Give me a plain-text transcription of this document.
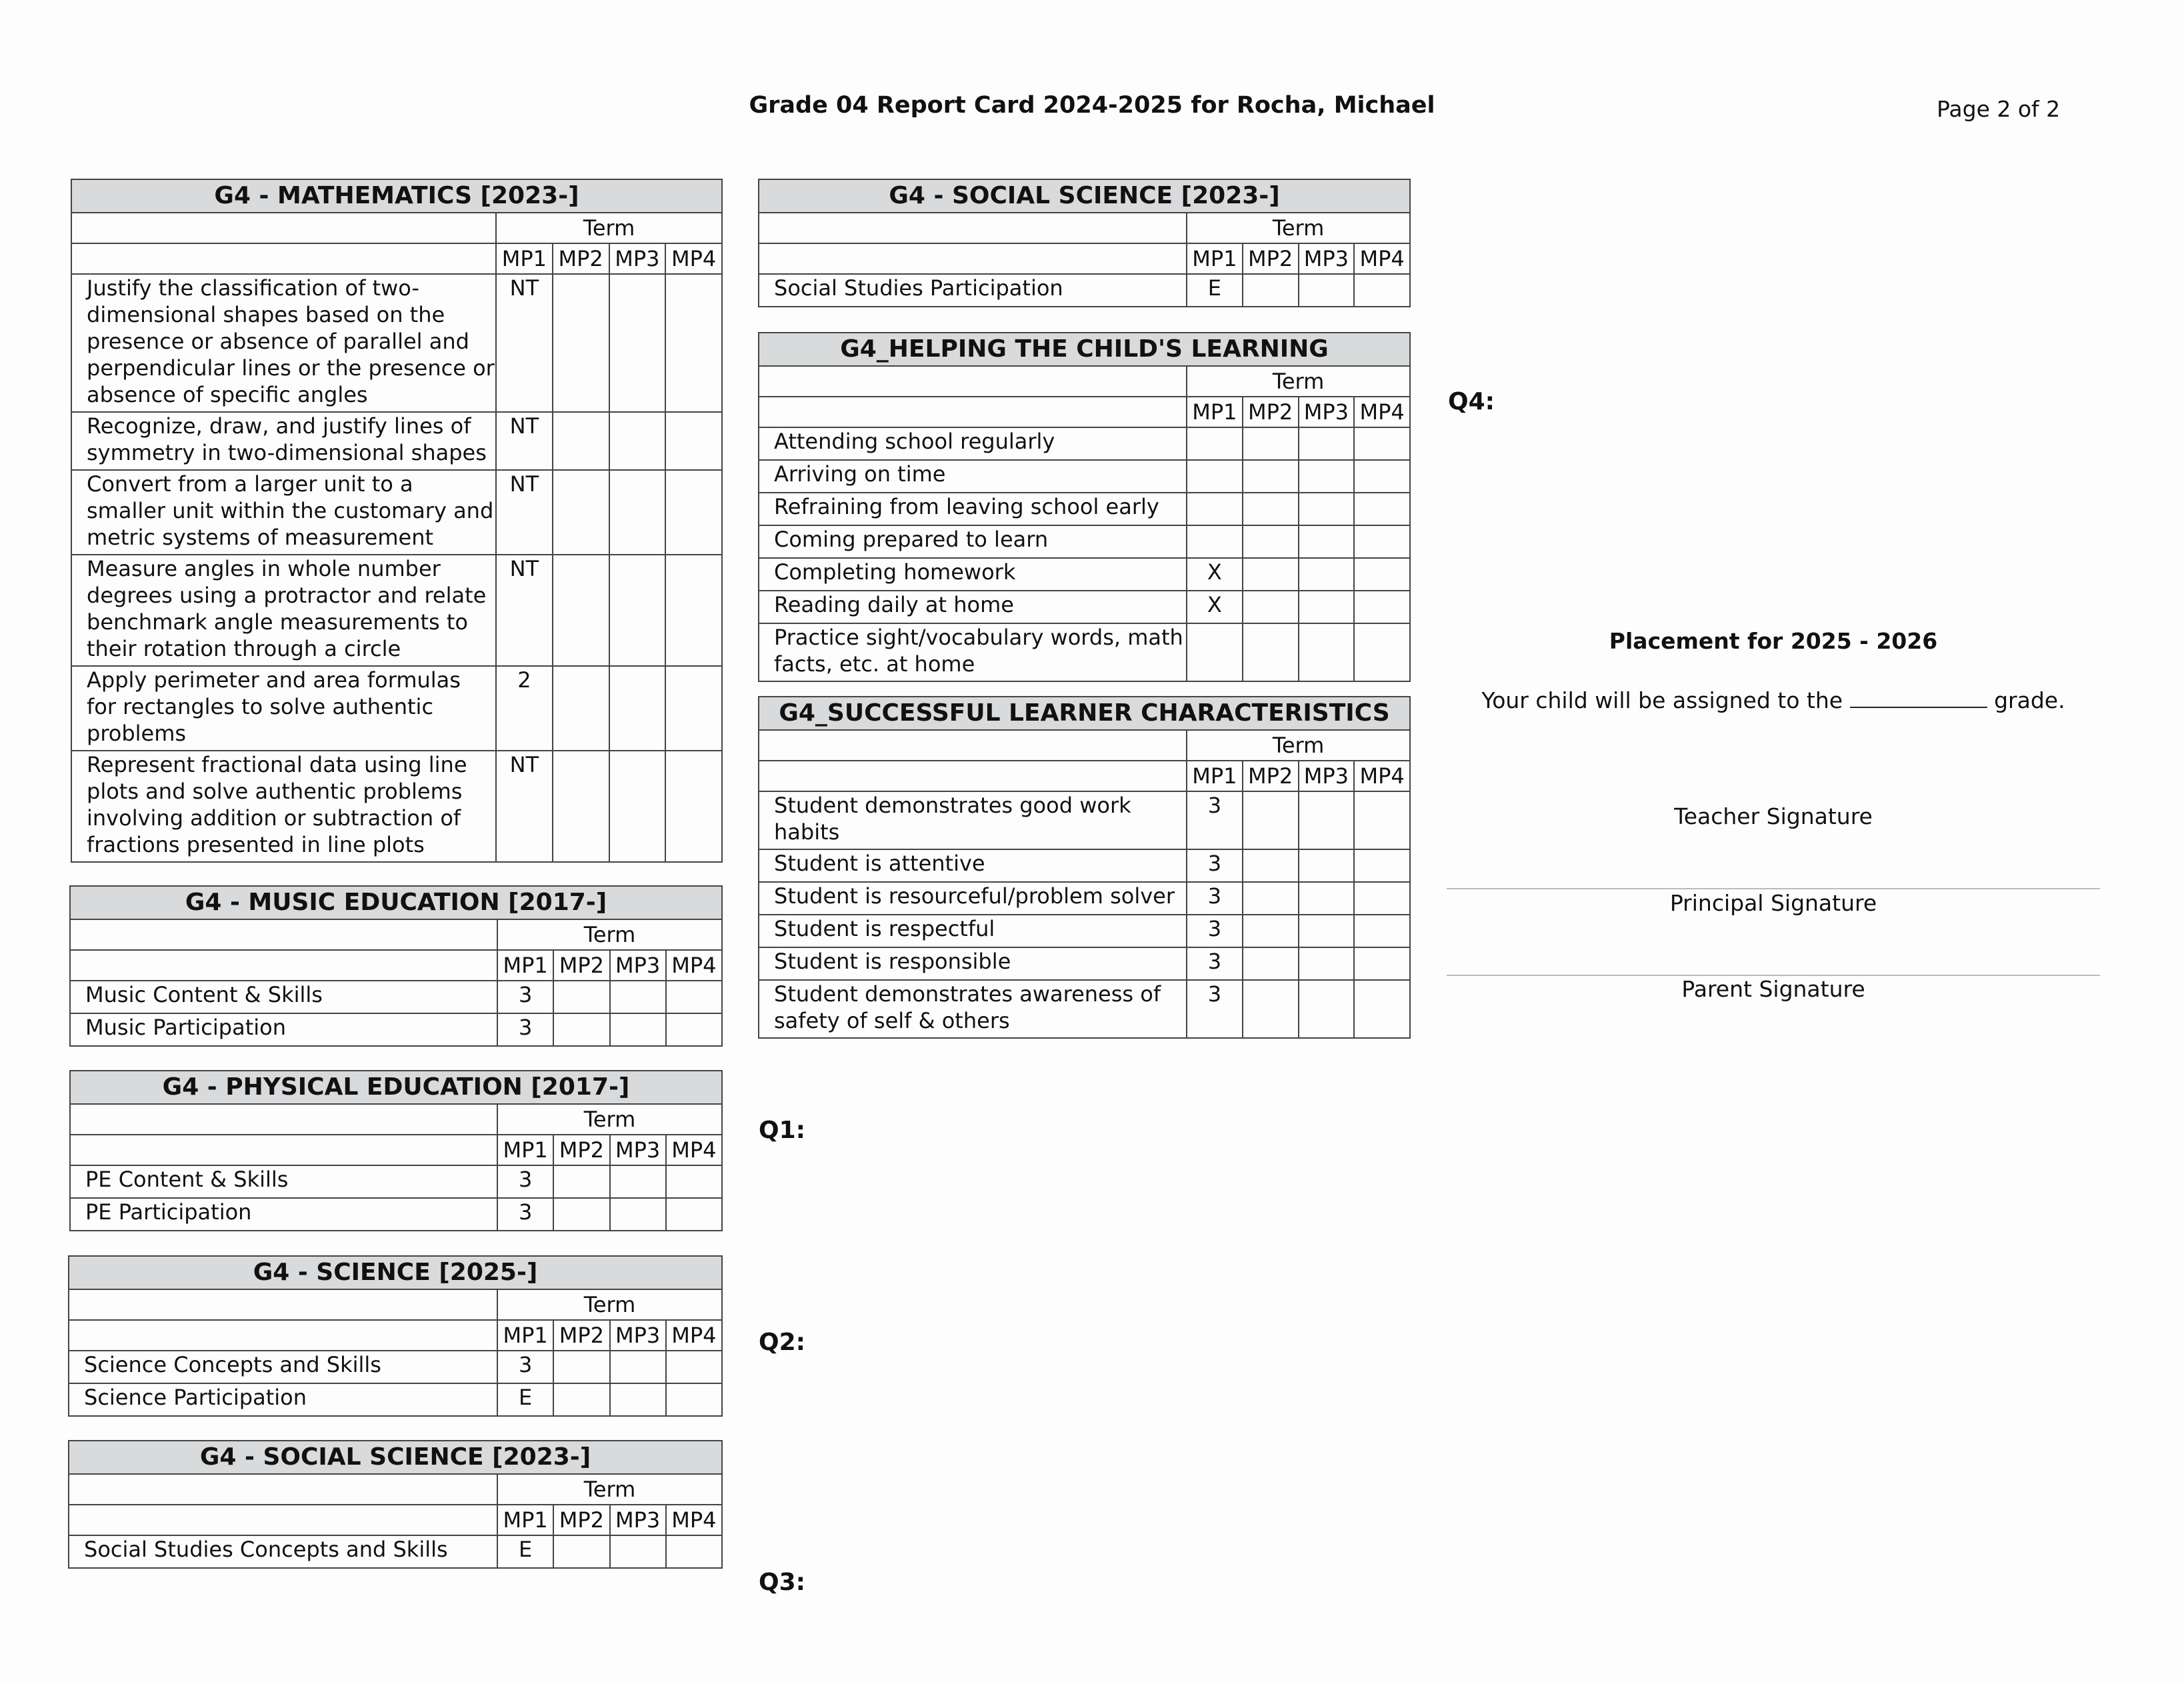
Grade 04 Report Card 2024-2025 for Rocha, Michael	Page 2 of 2
G4 - MATHEMATICS [2023-]				
	Term			
	MP1	MP2	MP3	MP4
Justify the classification of two-dimensional shapes based on the presence or absence of parallel and perpendicular lines or the presence or absence of specific angles	NT			
Recognize, draw, and justify lines of symmetry in two-dimensional shapes	NT			
Convert from a larger unit to a smaller unit within the customary and metric systems of measurement	NT			
Measure angles in whole number degrees using a protractor and relate benchmark angle measurements to their rotation through a circle	NT			
Apply perimeter and area formulas for rectangles to solve authentic problems	2			
Represent fractional data using line plots and solve authentic problems involving addition or subtraction of fractions presented in line plots	NT			
G4 - MUSIC EDUCATION [2017-]				
	Term			
	MP1	MP2	MP3	MP4
Music Content & Skills	3			
Music Participation	3			
G4 - PHYSICAL EDUCATION [2017-]				
	Term			
	MP1	MP2	MP3	MP4
PE Content & Skills	3			
PE Participation	3			
G4 - SCIENCE [2025-]				
	Term			
	MP1	MP2	MP3	MP4
Science Concepts and Skills	3			
Science Participation	E			
G4 - SOCIAL SCIENCE [2023-]				
	Term			
	MP1	MP2	MP3	MP4
Social Studies Concepts and Skills	E			
G4 - SOCIAL SCIENCE [2023-]				
	Term			
	MP1	MP2	MP3	MP4
Social Studies Participation	E			
G4_HELPING THE CHILD'S LEARNING				
	Term			
	MP1	MP2	MP3	MP4
Attending school regularly				
Arriving on time				
Refraining from leaving school early				
Coming prepared to learn				
Completing homework	X			
Reading daily at home	X			
Practice sight/vocabulary words, math facts, etc. at home				
G4_SUCCESSFUL LEARNER CHARACTERISTICS				
	Term			
	MP1	MP2	MP3	MP4
Student demonstrates good work habits	3			
Student is attentive	3			
Student is resourceful/problem solver	3			
Student is respectful	3			
Student is responsible	3			
Student demonstrates awareness of safety of self & others	3			
Q1:
Q2:
Q3:
Q4:
Placement for 2025 - 2026
Your child will be assigned to the	grade.
Teacher Signature
Principal Signature
Parent Signature
